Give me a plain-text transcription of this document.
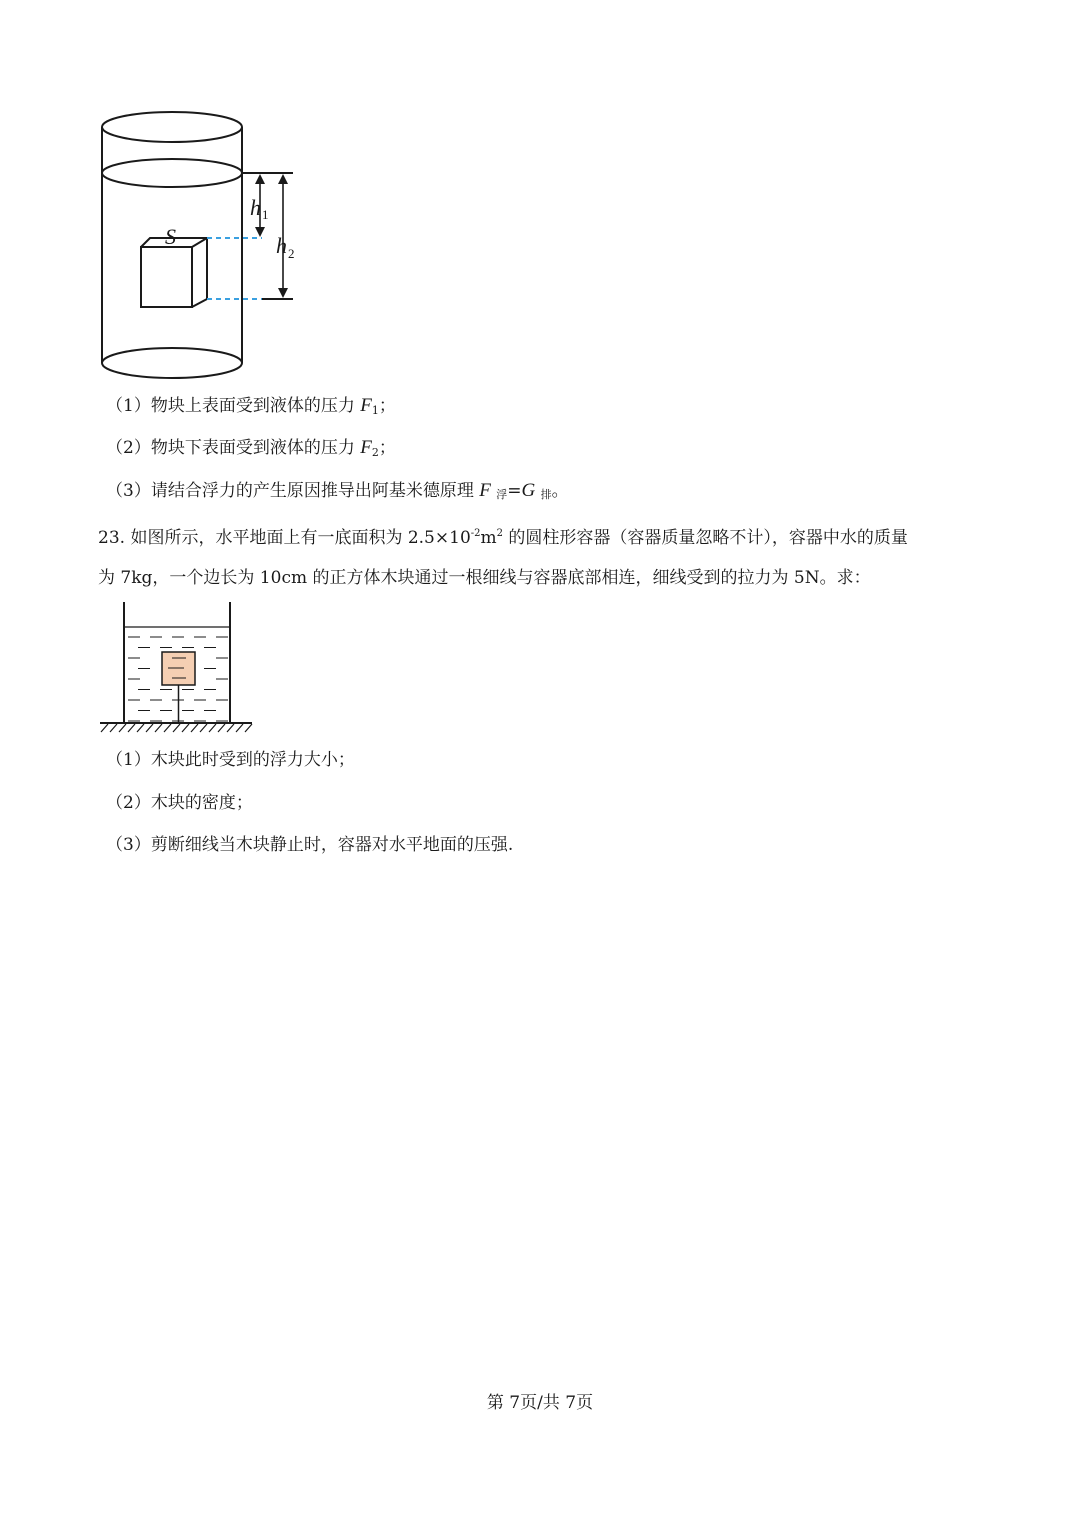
S
h 1
h 2
（1）物块上表面受到液体的压力 $F_1$；
（2）物块下表面受到液体的压力 $F_2$；
（3）请结合浮力的产生原因推导出阿基米德原理 F 浮=G 排。
23. 如图所示，水平地面上有一底面积为 $2.5\times 10^{-2}m^2$ 的圆柱形容器（容器质量忽略不计），容器中水的质量
为 7kg，一个边长为 10cm 的正方体木块通过一根细线与容器底部相连，细线受到的拉力为 5N。求：
（1）木块此时受到的浮力大小；
（2）木块的密度；
（3）剪断细线当木块静止时，容器对水平地面的压强.
第 7页/共 7页
